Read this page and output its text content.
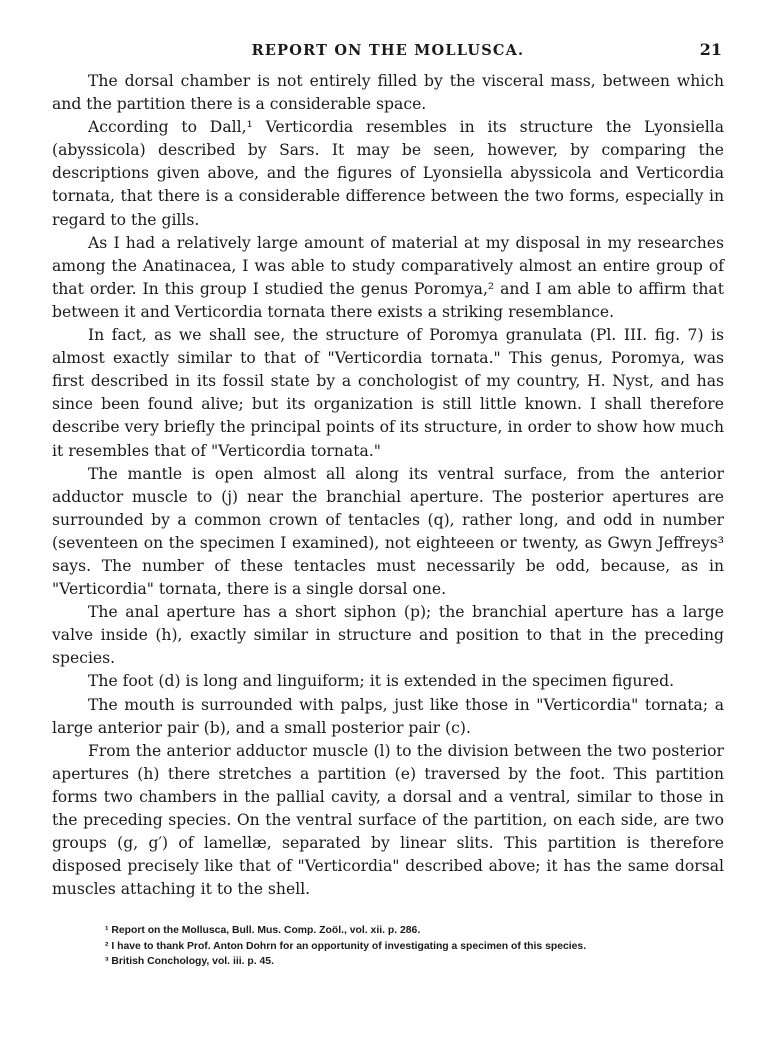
REPORT ON THE MOLLUSCA.	21

The dorsal chamber is not entirely filled by the visceral mass, between which and the partition there is a considerable space.

According to Dall,¹ Verticordia resembles in its structure the Lyonsiella (abyssicola) described by Sars. It may be seen, however, by comparing the descriptions given above, and the figures of Lyonsiella abyssicola and Verticordia tornata, that there is a considerable difference between the two forms, especially in regard to the gills.

As I had a relatively large amount of material at my disposal in my researches among the Anatinacea, I was able to study comparatively almost an entire group of that order. In this group I studied the genus Poromya,² and I am able to affirm that between it and Verticordia tornata there exists a striking resemblance.

In fact, as we shall see, the structure of Poromya granulata (Pl. III. fig. 7) is almost exactly similar to that of "Verticordia tornata." This genus, Poromya, was first described in its fossil state by a conchologist of my country, H. Nyst, and has since been found alive; but its organization is still little known. I shall therefore describe very briefly the principal points of its structure, in order to show how much it resembles that of "Verticordia tornata."

The mantle is open almost all along its ventral surface, from the anterior adductor muscle to (j) near the branchial aperture. The posterior apertures are surrounded by a common crown of tentacles (q), rather long, and odd in number (seventeen on the specimen I examined), not eighteeen or twenty, as Gwyn Jeffreys³ says. The number of these tentacles must necessarily be odd, because, as in "Verticordia" tornata, there is a single dorsal one.

The anal aperture has a short siphon (p); the branchial aperture has a large valve inside (h), exactly similar in structure and position to that in the preceding species.

The foot (d) is long and linguiform; it is extended in the specimen figured.

The mouth is surrounded with palps, just like those in "Verticordia" tornata; a large anterior pair (b), and a small posterior pair (c).

From the anterior adductor muscle (l) to the division between the two posterior apertures (h) there stretches a partition (e) traversed by the foot. This partition forms two chambers in the pallial cavity, a dorsal and a ventral, similar to those in the preceding species. On the ventral surface of the partition, on each side, are two groups (g, g′) of lamellæ, separated by linear slits. This partition is therefore disposed precisely like that of "Verticordia" described above; it has the same dorsal muscles attaching it to the shell.

¹ Report on the Mollusca, Bull. Mus. Comp. Zoöl., vol. xii. p. 286.

² I have to thank Prof. Anton Dohrn for an opportunity of investigating a specimen of this species.

³ British Conchology, vol. iii. p. 45.
